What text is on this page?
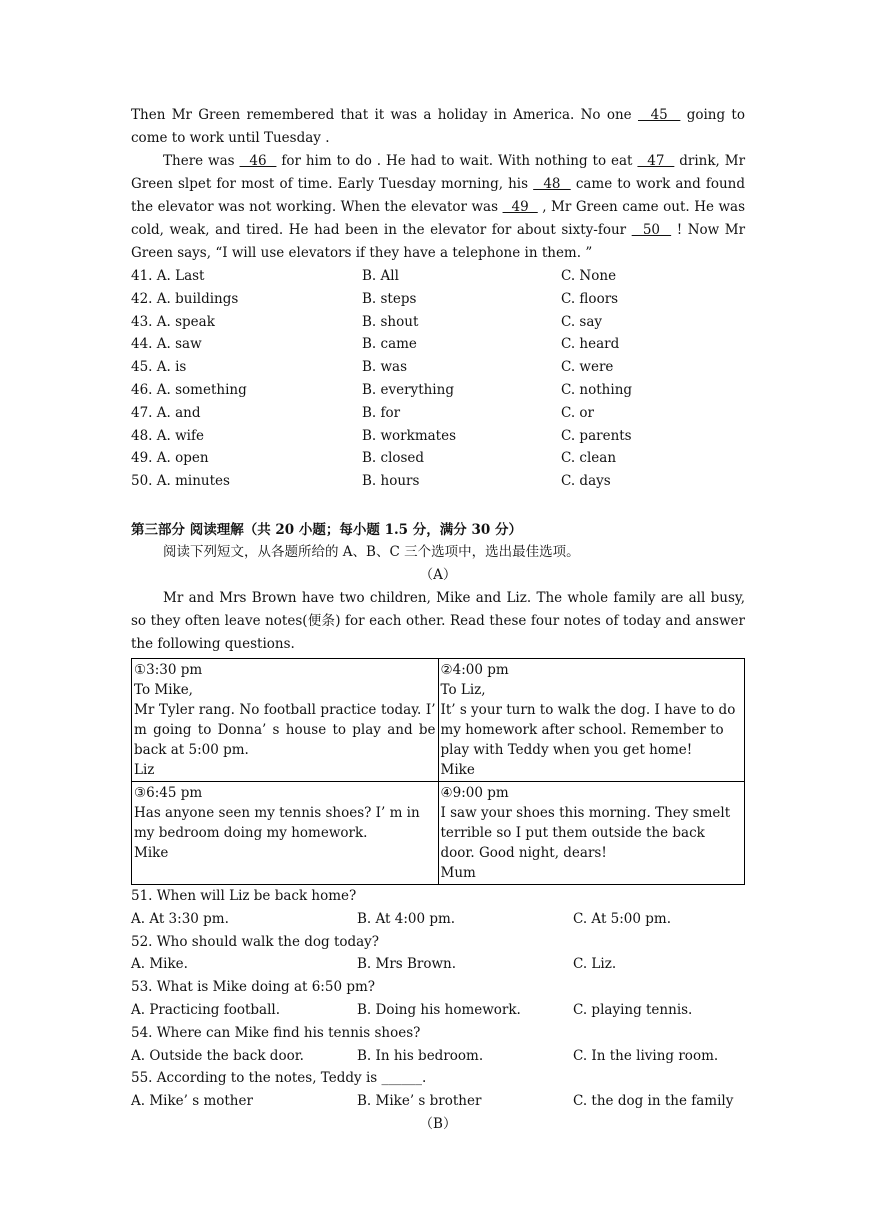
Then Mr Green remembered that it was a holiday in America. No one   45   going to come to work until Tuesday .

There was   46   for him to do . He had to wait. With nothing to eat   47   drink, Mr Green slpet for most of time. Early Tuesday morning, his   48   came to work and found the elevator was not working. When the elevator was   49   , Mr Green came out. He was cold, weak, and tired. He had been in the elevator for about sixty-four   50   ! Now Mr Green says, “I will use elevators if they have a telephone in them. ”

41. A. Last	B. All	C. None
42. A. buildings	B. steps	C. floors
43. A. speak	B. shout	C. say
44. A. saw	B. came	C. heard
45. A. is	B. was	C. were
46. A. something	B. everything	C. nothing
47. A. and	B. for	C. or
48. A. wife	B. workmates	C. parents
49. A. open	B. closed	C. clean
50. A. minutes	B. hours	C. days
第三部分 阅读理解（共 20 小题；每小题 1.5 分，满分 30 分）

阅读下列短文，从各题所给的 A、B、C 三个选项中，选出最佳选项。

（A）

Mr and Mrs Brown have two children, Mike and Liz. The whole family are all busy, so they often leave notes(便条) for each other. Read these four notes of today and answer the following questions.

①3:30 pm
To Mike,
Mr Tyler rang. No football practice today. I’ m going to Donna’ s house to play and be back at 5:00 pm.
Liz	②4:00 pm
To Liz,
It’ s your turn to walk the dog. I have to do my homework after school. Remember to play with Teddy when you get home!
Mike

③6:45 pm
Has anyone seen my tennis shoes? I’ m in my bedroom doing my homework.
Mike	④9:00 pm
I saw your shoes this morning. They smelt terrible so I put them outside the back door. Good night, dears!
Mum
51. When will Liz be back home?
A. At 3:30 pm.	B. At 4:00 pm.	C. At 5:00 pm.
52. Who should walk the dog today?
A. Mike.	B. Mrs Brown.	C. Liz.
53. What is Mike doing at 6:50 pm?
A. Practicing football.	B. Doing his homework.	C. playing tennis.
54. Where can Mike find his tennis shoes?
A. Outside the back door.	B. In his bedroom.	C. In the living room.
55. According to the notes, Teddy is ______.
A. Mike’ s mother	B. Mike’ s brother	C. the dog in the family
（B）
